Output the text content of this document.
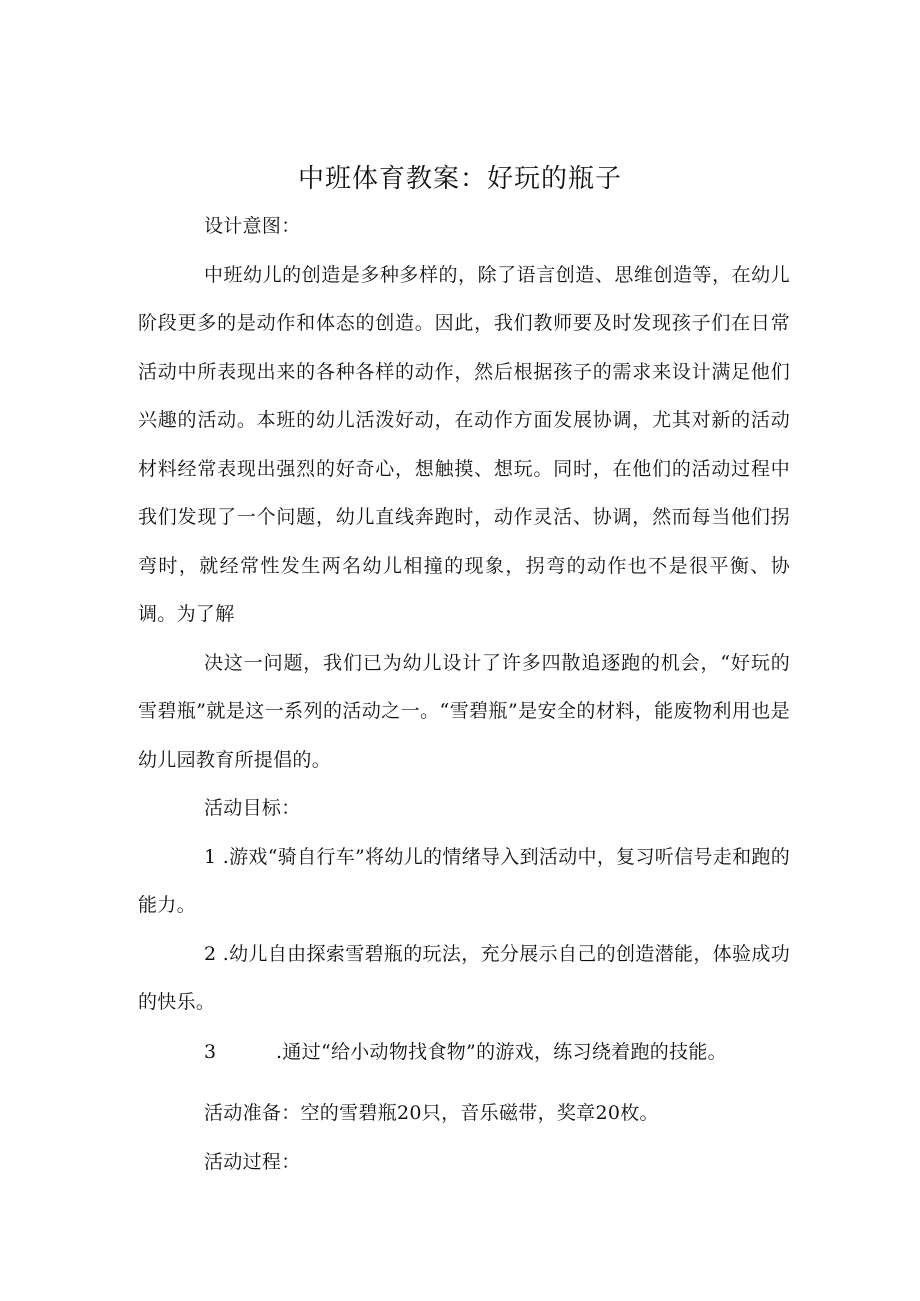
中班体育教案：好玩的瓶子

设计意图：

中班幼儿的创造是多种多样的，除了语言创造、思维创造等，在幼儿阶段更多的是动作和体态的创造。因此，我们教师要及时发现孩子们在日常活动中所表现出来的各种各样的动作，然后根据孩子的需求来设计满足他们兴趣的活动。本班的幼儿活泼好动，在动作方面发展协调，尤其对新的活动材料经常表现出强烈的好奇心，想触摸、想玩。同时，在他们的活动过程中我们发现了一个问题，幼儿直线奔跑时，动作灵活、协调，然而每当他们拐弯时，就经常性发生两名幼儿相撞的现象，拐弯的动作也不是很平衡、协调。为了解

决这一问题，我们已为幼儿设计了许多四散追逐跑的机会，“好玩的雪碧瓶”就是这一系列的活动之一。“雪碧瓶”是安全的材料，能废物利用也是幼儿园教育所提倡的。

活动目标：

1 .游戏“骑自行车”将幼儿的情绪导入到活动中，复习听信号走和跑的能力。

2 .幼儿自由探索雪碧瓶的玩法，充分展示自己的创造潜能，体验成功的快乐。

3	.通过“给小动物找食物”的游戏，练习绕着跑的技能。

活动准备：空的雪碧瓶20只，音乐磁带，奖章20枚。

活动过程：
